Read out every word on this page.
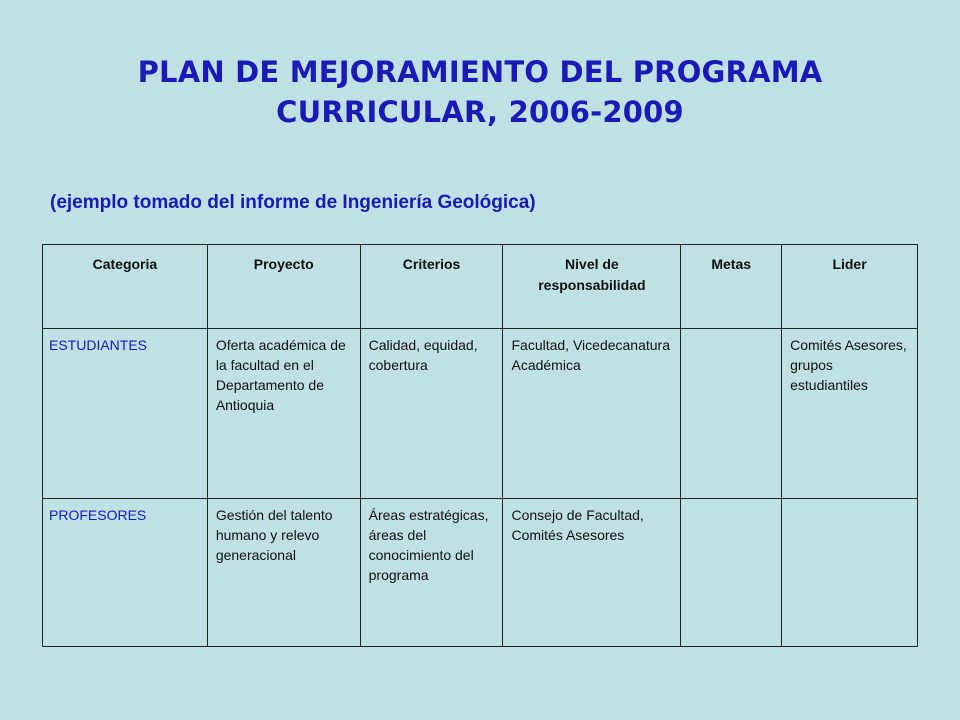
PLAN DE MEJORAMIENTO DEL PROGRAMA
CURRICULAR, 2006-2009
(ejemplo tomado del informe de Ingeniería Geológica)
Categoria	Proyecto	Criterios	Nivel de responsabilidad	Metas	Lider
ESTUDIANTES	Oferta académica de la facultad en el Departamento de Antioquia	Calidad, equidad, cobertura	Facultad, Vicedecanatura Académica		Comités Asesores, grupos estudiantiles
PROFESORES	Gestión del talento humano y relevo generacional	Áreas estratégicas, áreas del conocimiento del programa	Consejo de Facultad, Comités Asesores		
